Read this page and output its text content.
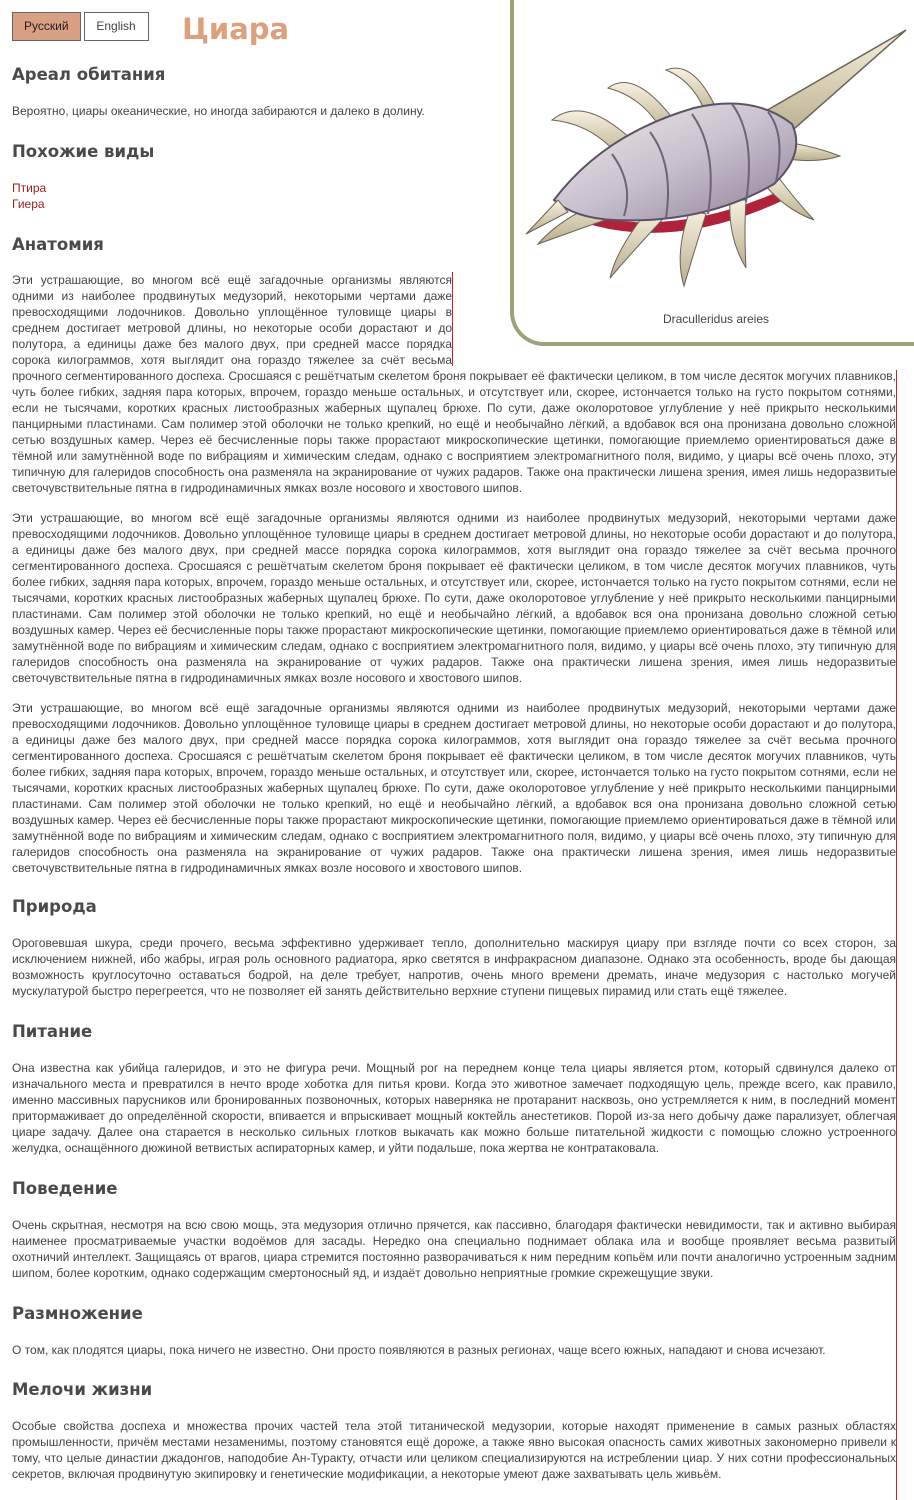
Русский	English	Циара
Draculleridus areies
Ареал обитания

Вероятно, циары океанические, но иногда забираются и далеко в долину.

Похожие виды
Птира
Гиера
Анатомия

Эти устрашающие, во многом всё ещё загадочные организмы являются одними из наиболее продвинутых медузорий, некоторыми чертами даже превосходящими лодочников. Довольно уплощённое туловище циары в среднем достигает метровой длины, но некоторые особи дорастают и до полутора, а единицы даже без малого двух, при средней массе порядка сорока килограммов, хотя выглядит она гораздо тяжелее за счёт весьма прочного сегментированного доспеха. Сросшаяся с решётчатым скелетом броня покрывает её фактически целиком, в том числе десяток могучих плавников, чуть более гибких, задняя пара которых, впрочем, гораздо меньше остальных, и отсутствует или, скорее, истончается только на густо покрытом сотнями, если не тысячами, коротких красных листообразных жаберных щупалец брюхе. По сути, даже околоротовое углубление у неё прикрыто несколькими панцирными пластинами. Сам полимер этой оболочки не только крепкий, но ещё и необычайно лёгкий, а вдобавок вся она пронизана довольно сложной сетью воздушных камер. Через её бесчисленные поры также прорастают микроскопические щетинки, помогающие приемлемо ориентироваться даже в тёмной или замутнённой воде по вибрациям и химическим следам, однако с восприятием электромагнитного поля, видимо, у циары всё очень плохо, эту типичную для галеридов способность она разменяла на экранирование от чужих радаров. Также она практически лишена зрения, имея лишь недоразвитые светочувствительные пятна в гидродинамичных ямках возле носового и хвостового шипов.

Эти устрашающие, во многом всё ещё загадочные организмы являются одними из наиболее продвинутых медузорий, некоторыми чертами даже превосходящими лодочников. Довольно уплощённое туловище циары в среднем достигает метровой длины, но некоторые особи дорастают и до полутора, а единицы даже без малого двух, при средней массе порядка сорока килограммов, хотя выглядит она гораздо тяжелее за счёт весьма прочного сегментированного доспеха. Сросшаяся с решётчатым скелетом броня покрывает её фактически целиком, в том числе десяток могучих плавников, чуть более гибких, задняя пара которых, впрочем, гораздо меньше остальных, и отсутствует или, скорее, истончается только на густо покрытом сотнями, если не тысячами, коротких красных листообразных жаберных щупалец брюхе. По сути, даже околоротовое углубление у неё прикрыто несколькими панцирными пластинами. Сам полимер этой оболочки не только крепкий, но ещё и необычайно лёгкий, а вдобавок вся она пронизана довольно сложной сетью воздушных камер. Через её бесчисленные поры также прорастают микроскопические щетинки, помогающие приемлемо ориентироваться даже в тёмной или замутнённой воде по вибрациям и химическим следам, однако с восприятием электромагнитного поля, видимо, у циары всё очень плохо, эту типичную для галеридов способность она разменяла на экранирование от чужих радаров. Также она практически лишена зрения, имея лишь недоразвитые светочувствительные пятна в гидродинамичных ямках возле носового и хвостового шипов.

Эти устрашающие, во многом всё ещё загадочные организмы являются одними из наиболее продвинутых медузорий, некоторыми чертами даже превосходящими лодочников. Довольно уплощённое туловище циары в среднем достигает метровой длины, но некоторые особи дорастают и до полутора, а единицы даже без малого двух, при средней массе порядка сорока килограммов, хотя выглядит она гораздо тяжелее за счёт весьма прочного сегментированного доспеха. Сросшаяся с решётчатым скелетом броня покрывает её фактически целиком, в том числе десяток могучих плавников, чуть более гибких, задняя пара которых, впрочем, гораздо меньше остальных, и отсутствует или, скорее, истончается только на густо покрытом сотнями, если не тысячами, коротких красных листообразных жаберных щупалец брюхе. По сути, даже околоротовое углубление у неё прикрыто несколькими панцирными пластинами. Сам полимер этой оболочки не только крепкий, но ещё и необычайно лёгкий, а вдобавок вся она пронизана довольно сложной сетью воздушных камер. Через её бесчисленные поры также прорастают микроскопические щетинки, помогающие приемлемо ориентироваться даже в тёмной или замутнённой воде по вибрациям и химическим следам, однако с восприятием электромагнитного поля, видимо, у циары всё очень плохо, эту типичную для галеридов способность она разменяла на экранирование от чужих радаров. Также она практически лишена зрения, имея лишь недоразвитые светочувствительные пятна в гидродинамичных ямках возле носового и хвостового шипов.

Природа

Ороговевшая шкура, среди прочего, весьма эффективно удерживает тепло, дополнительно маскируя циару при взгляде почти со всех сторон, за исключением нижней, ибо жабры, играя роль основного радиатора, ярко светятся в инфракрасном диапазоне. Однако эта особенность, вроде бы дающая возможность круглосуточно оставаться бодрой, на деле требует, напротив, очень много времени дремать, иначе медузория с настолько могучей мускулатурой быстро перегреется, что не позволяет ей занять действительно верхние ступени пищевых пирамид или стать ещё тяжелее.

Питание

Она известна как убийца галеридов, и это не фигура речи. Мощный рог на переднем конце тела циары является ртом, который сдвинулся далеко от изначального места и превратился в нечто вроде хоботка для питья крови. Когда это животное замечает подходящую цель, прежде всего, как правило, именно массивных парусников или бронированных позвоночных, которых наверняка не протаранит насквозь, оно устремляется к ним, в последний момент притормаживает до определённой скорости, впивается и впрыскивает мощный коктейль анестетиков. Порой из-за него добычу даже парализует, облегчая циаре задачу. Далее она старается в несколько сильных глотков выкачать как можно больше питательной жидкости с помощью сложно устроенного желудка, оснащённого дюжиной ветвистых аспираторных камер, и уйти подальше, пока жертва не контратаковала.

Поведение

Очень скрытная, несмотря на всю свою мощь, эта медузория отлично прячется, как пассивно, благодаря фактически невидимости, так и активно выбирая наименее просматриваемые участки водоёмов для засады. Нередко она специально поднимает облака ила и вообще проявляет весьма развитый охотничий интеллект. Защищаясь от врагов, циара стремится постоянно разворачиваться к ним передним копьём или почти аналогично устроенным задним шипом, более коротким, однако содержащим смертоносный яд, и издаёт довольно неприятные громкие скрежещущие звуки.

Размножение

О том, как плодятся циары, пока ничего не известно. Они просто появляются в разных регионах, чаще всего южных, нападают и снова исчезают.

Мелочи жизни

Особые свойства доспеха и множества прочих частей тела этой титанической медузории, которые находят применение в самых разных областях промышленности, причём местами незаменимы, поэтому становятся ещё дороже, а также явно высокая опасность самих животных закономерно привели к тому, что целые династии джадонгов, наподобие Ан-Туракту, отчасти или целиком специализируются на истреблении циар. У них сотни профессиональных секретов, включая продвинутую экипировку и генетические модификации, а некоторые умеют даже захватывать цель живьём.
